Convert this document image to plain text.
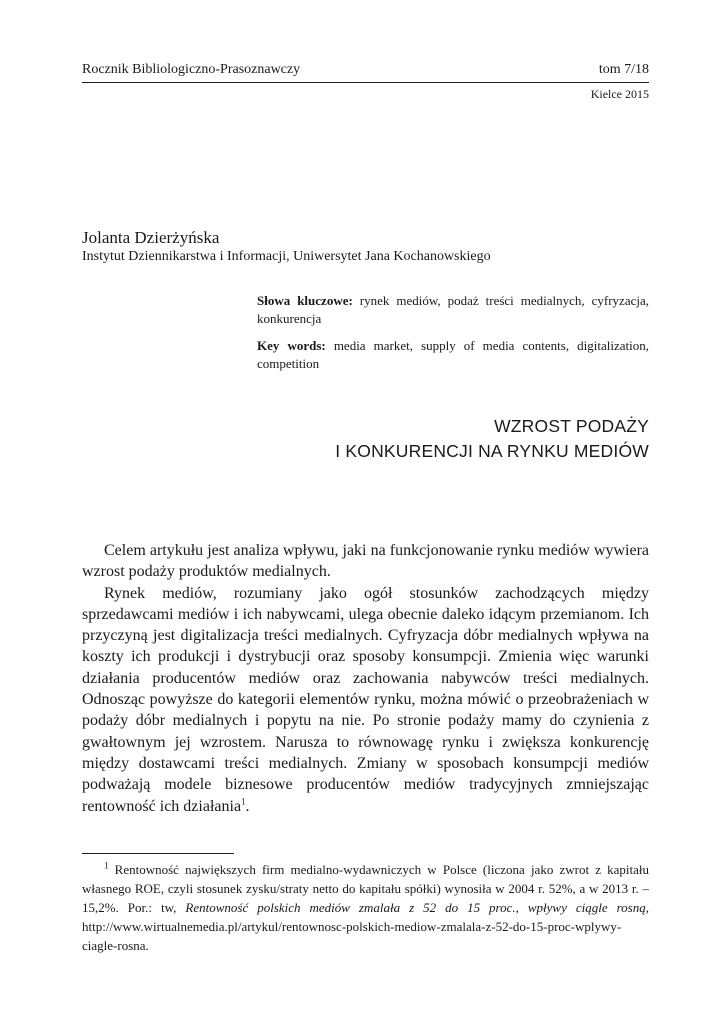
Rocznik Bibliologiczno-Prasoznawczy	tom 7/18
Kielce 2015
Jolanta Dzierżyńska
Instytut Dziennikarstwa i Informacji, Uniwersytet Jana Kochanowskiego

Słowa kluczowe: rynek mediów, podaż treści medialnych, cyfryzacja, konkurencja

Key words: media market, supply of media contents, digitalization, competition

WZROST PODAŻY
I KONKURENCJI NA RYNKU MEDIÓW

Celem artykułu jest analiza wpływu, jaki na funkcjonowanie rynku mediów wywiera wzrost podaży produktów medialnych.

Rynek mediów, rozumiany jako ogół stosunków zachodzących między sprzedawcami mediów i ich nabywcami, ulega obecnie daleko idącym przemianom. Ich przyczyną jest digitalizacja treści medialnych. Cyfryzacja dóbr medialnych wpływa na koszty ich produkcji i dystrybucji oraz sposoby konsumpcji. Zmienia więc warunki działania producentów mediów oraz zachowania nabywców treści medialnych. Odnosząc powyższe do kategorii elementów rynku, można mówić o przeobrażeniach w podaży dóbr medialnych i popytu na nie. Po stronie podaży mamy do czynienia z gwałtownym jej wzrostem. Narusza to równowagę rynku i zwiększa konkurencję między dostawcami treści medialnych. Zmiany w sposobach konsumpcji mediów podważają modele biznesowe producentów mediów tradycyjnych zmniejszając rentowność ich działania$^1$.

$^1$ Rentowność największych firm medialno-wydawniczych w Polsce (liczona jako zwrot z kapitału własnego ROE, czyli stosunek zysku/straty netto do kapitału spółki) wynosiła w 2004 r. 52%, a w 2013 r. – 15,2%. Por.: tw, Rentowność polskich mediów zmalała z 52 do 15 proc., wpływy ciągle rosną, http://www.wirtualnemedia.pl/artykul/rentownosc-polskich-mediow-zmalala-z-52-do-15-proc-wplywy-ciagle-rosna.
